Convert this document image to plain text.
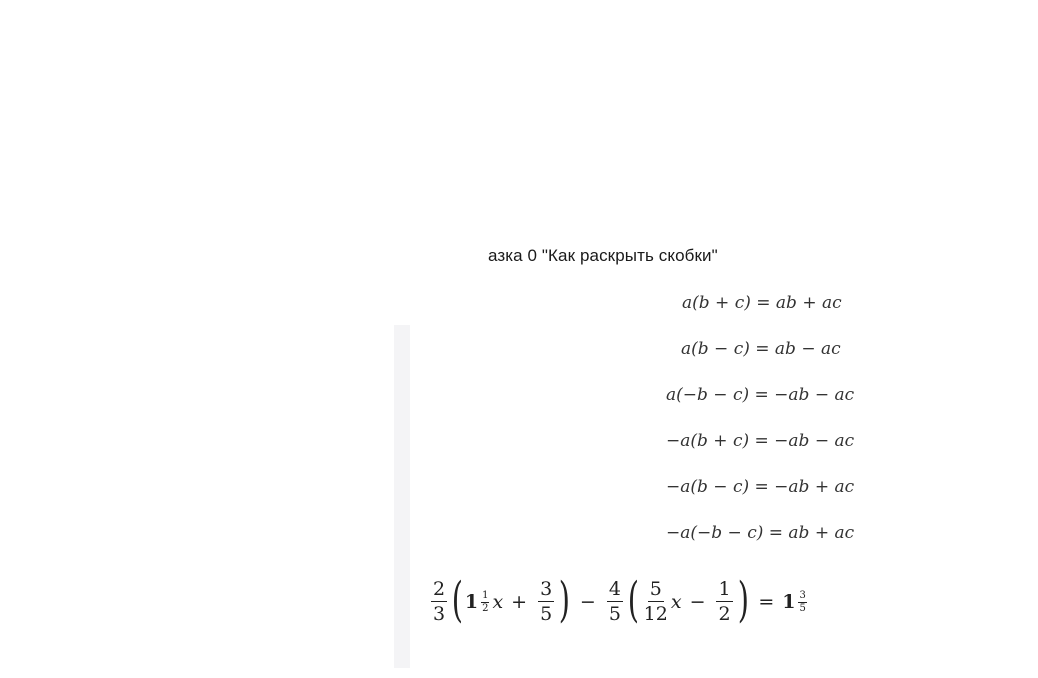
азка 0 "Как раскрыть скобки"
a(b + c) = ab + ac
a(b − c) = ab − ac
a(−b − c) = −ab − ac
−a(b + c) = −ab − ac
−a(b − c) = −ab + ac
−a(−b − c) = ab + ac
$\frac{2}{3}$ ( $1 \frac{1}{2}$ $x + \frac{3}{5}$ ) − $\frac{4}{5}$ ( $\frac{5}{12}$ $x - \frac{1}{2}$ ) = $1 \frac{3}{5}$
